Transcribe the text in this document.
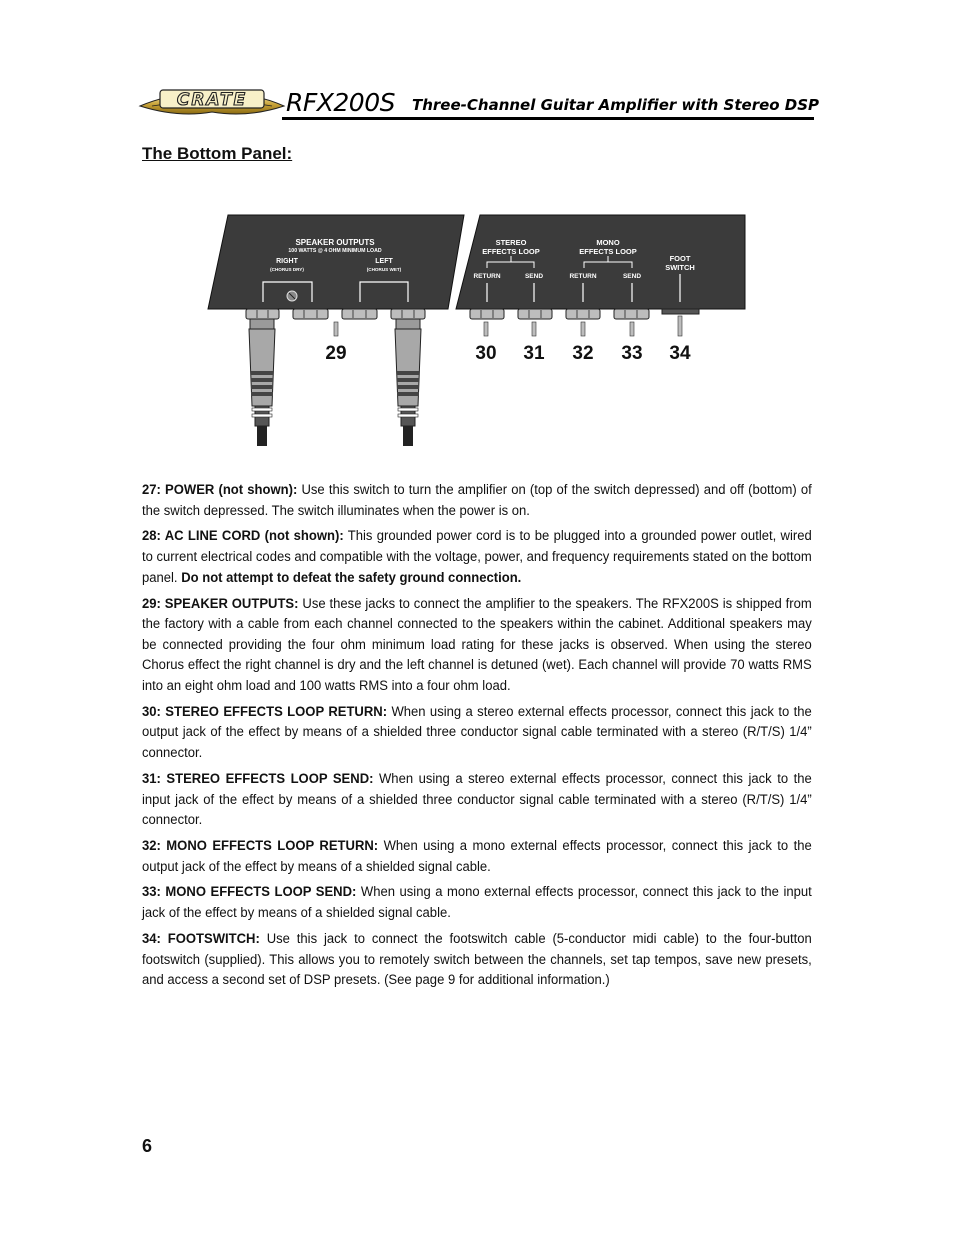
CRATE RFX200S Three-Channel Guitar Amplifier with Stereo DSP
The Bottom Panel:
SPEAKER OUTPUTS
100 WATTS @ 4 OHM MINIMUM LOAD
RIGHT
(CHORUS DRY)
LEFT
(CHORUS WET)
STEREO
EFFECTS LOOP
MONO
EFFECTS LOOP
RETURN	SEND	RETURN	SEND
FOOT
SWITCH
29	30 31 32 33 34

27: POWER (not shown): Use this switch to turn the amplifier on (top of the switch depressed) and off (bottom) of the switch depressed. The switch illuminates when the power is on.

28: AC LINE CORD (not shown): This grounded power cord is to be plugged into a grounded power outlet, wired to current electrical codes and compatible with the voltage, power, and frequency requirements stated on the bottom panel. Do not attempt to defeat the safety ground connection.

29: SPEAKER OUTPUTS: Use these jacks to connect the amplifier to the speakers. The RFX200S is shipped from the factory with a cable from each channel connected to the speakers within the cabinet. Additional speakers may be connected providing the four ohm minimum load rating for these jacks is observed. When using the stereo Chorus effect the right channel is dry and the left channel is detuned (wet). Each channel will provide 70 watts RMS into an eight ohm load and 100 watts RMS into a four ohm load.

30: STEREO EFFECTS LOOP RETURN: When using a stereo external effects processor, connect this jack to the output jack of the effect by means of a shielded three conductor signal cable terminated with a stereo (R/T/S) 1/4” connector.

31: STEREO EFFECTS LOOP SEND: When using a stereo external effects processor, connect this jack to the input jack of the effect by means of a shielded three conductor signal cable terminated with a stereo (R/T/S) 1/4” connector.

32: MONO EFFECTS LOOP RETURN: When using a mono external effects processor, connect this jack to the output jack of the effect by means of a shielded signal cable.

33: MONO EFFECTS LOOP SEND: When using a mono external effects processor, connect this jack to the input jack of the effect by means of a shielded signal cable.

34: FOOTSWITCH: Use this jack to connect the footswitch cable (5-conductor midi cable) to the four-button footswitch (supplied). This allows you to remotely switch between the channels, set tap tempos, save new presets, and access a second set of DSP presets. (See page 9 for additional information.)

6
